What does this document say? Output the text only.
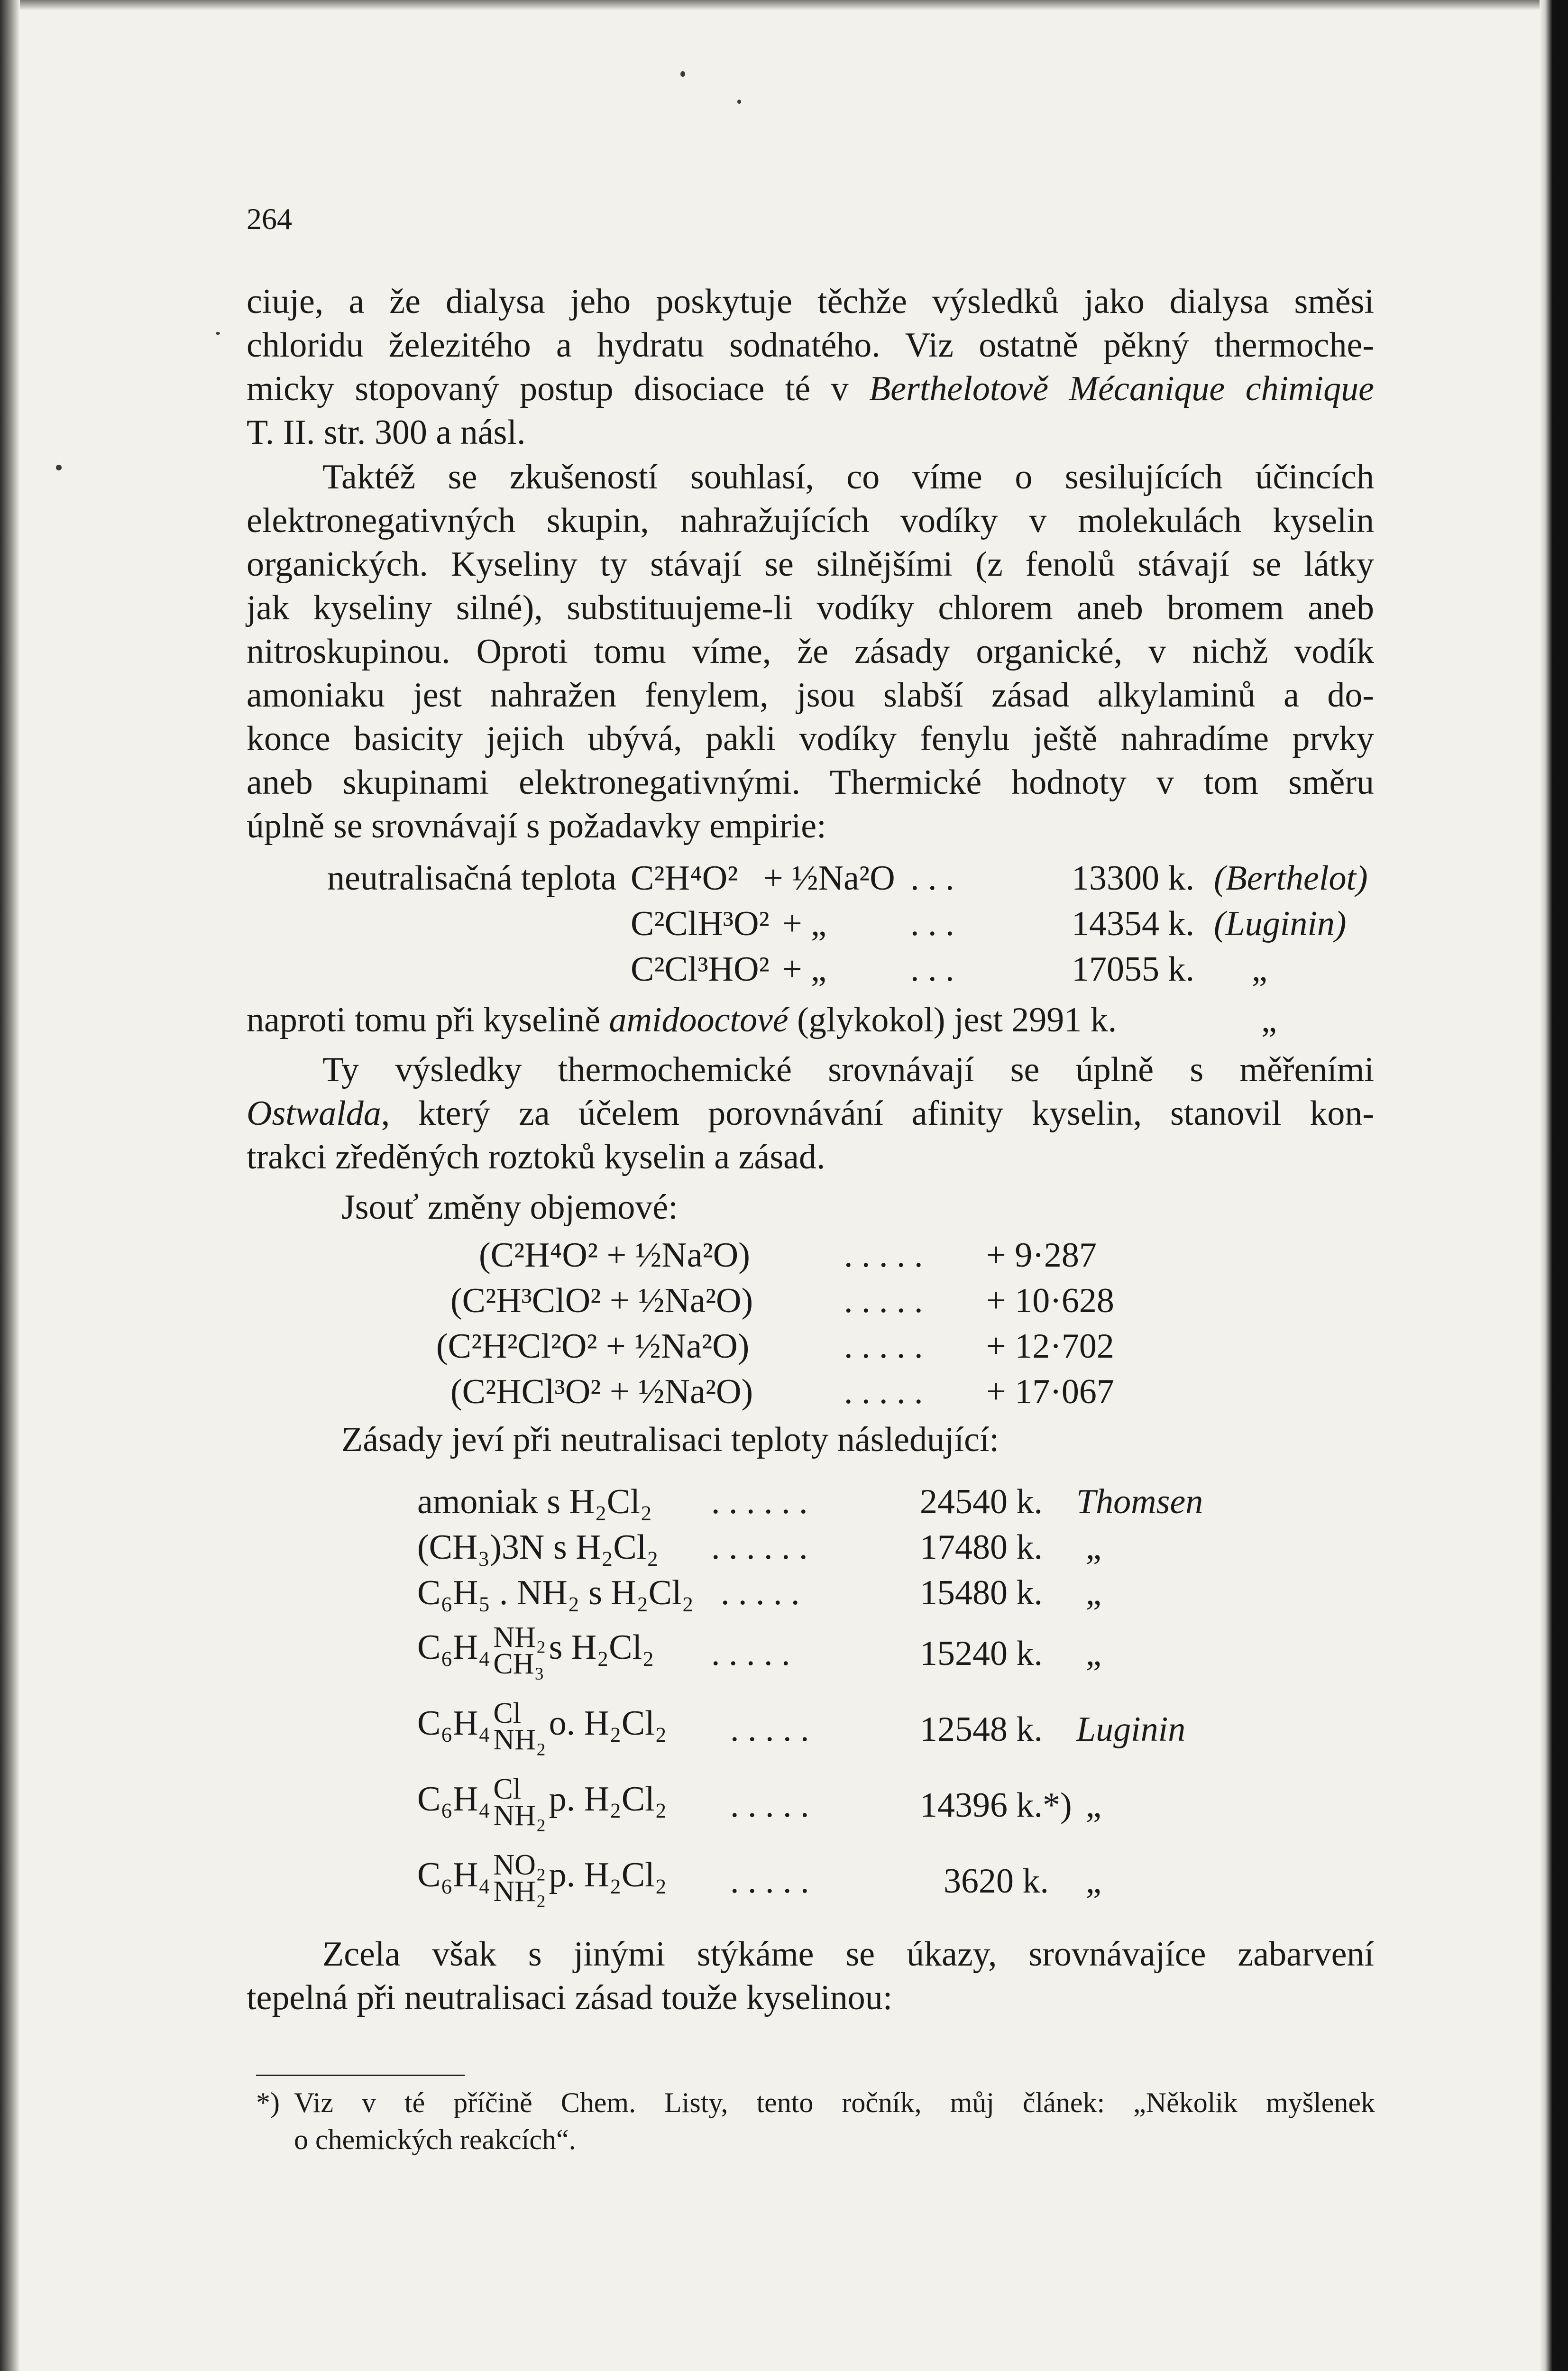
264
ciuje, a že dialysa jeho poskytuje těchže výsledků jako dialysa směsi
chloridu železitého a hydratu sodnatého. Viz ostatně pěkný thermoche-
micky stopovaný postup disociace té v Berthelotově Mécanique chimique
T. II. str. 300 a násl.
Taktéž se zkušeností souhlasí, co víme o sesilujících účincích
elektronegativných skupin, nahražujících vodíky v molekulách kyselin
organických. Kyseliny ty stávají se silnějšími (z fenolů stávají se látky
jak kyseliny silné), substituujeme-li vodíky chlorem aneb bromem aneb
nitroskupinou. Oproti tomu víme, že zásady organické, v nichž vodík
amoniaku jest nahražen fenylem, jsou slabší zásad alkylaminů a do-
konce basicity jejich ubývá, pakli vodíky fenylu ještě nahradíme prvky
aneb skupinami elektronegativnými. Thermické hodnoty v tom směru
úplně se srovnávají s požadavky empirie:
neutralisačná teplota C²H⁴O² + ½Na²O . . .	13300 k. (Berthelot)
C²ClH³O² + „ . . .	14354 k. (Luginin)
C²Cl³HO² + „ . . .	17055 k. „
naproti tomu při kyselině amidooctové (glykokol) jest 2991 k.	„
Ty výsledky thermochemické srovnávají se úplně s měřeními
Ostwalda, který za účelem porovnávání afinity kyselin, stanovil kon-
trakci zředěných roztoků kyselin a zásad.
Jsouť změny objemové:
(C²H⁴O² + ½Na²O)	. . . . . + 9·287
(C²H³ClO² + ½Na²O)	. . . . . + 10·628
(C²H²Cl²O² + ½Na²O)	. . . . . + 12·702
(C²HCl³O² + ½Na²O)	. . . . . + 17·067
Zásady jeví při neutralisaci teploty následující:
amoniak s H₂Cl₂ . . . . . .	24540 k. Thomsen
(CH₃)3N s H₂Cl₂ . . . . . .	17480 k. „
C₆H₅ . NH₂ s H₂Cl₂ . . . . .	15480 k. „
C₆H₄ NH₂
CH₃ s H₂Cl₂ . . . . .	15240 k. „
C₆H₄ Cl
NH₂ o. H₂Cl₂ . . . . .	12548 k. Luginin
C₆H₄ Cl
NH₂ p. H₂Cl₂ . . . . .	14396 k.*) „
C₆H₄ NO₂
NH₂ p. H₂Cl₂ . . . . .	3620 k. „
Zcela však s jinými stýkáme se úkazy, srovnávajíce zabarvení
tepelná při neutralisaci zásad touže kyselinou:
*) Viz v té příčině Chem. Listy, tento ročník, můj článek: „Několik myšlenek
o chemických reakcích“.
